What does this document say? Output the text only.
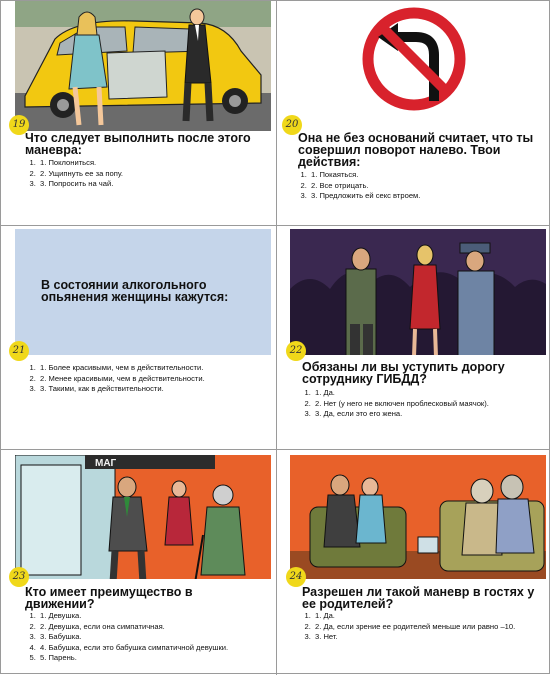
19

Что следует выполнить после этого маневра:

1. 1. Поклониться.
2. 2. Ущипнуть ее за попу.
3. 3. Попросить на чай.
20

Она не без оснований считает, что ты совершил поворот налево. Твои действия:

1. 1. Покаяться.
2. 2. Все отрицать.
3. 3. Предложить ей секс втроем.

В состоянии алкогольного опьянения женщины кажутся:

21
1. 1. Более красивыми, чем в действительности.
2. 2. Менее красивыми, чем в действительности.
3. 3. Такими, как в действительности.
22

Обязаны ли вы уступить дорогу сотруднику ГИБДД?

1. 1. Да.
2. 2. Нет (у него не включен проблесковый маячок).
3. 3. Да, если это его жена.
МАГ
23

Кто имеет преимущество в движении?

1. 1. Девушка.
2. 2. Девушка, если она симпатичная.
3. 3. Бабушка.
4. 4. Бабушка, если это бабушка симпатичной девушки.
5. 5. Парень.
24

Разрешен ли такой маневр в гостях у ее родителей?

1. 1. Да.
2. 2. Да, если зрение ее родителей меньше или равно –10.
3. 3. Нет.
